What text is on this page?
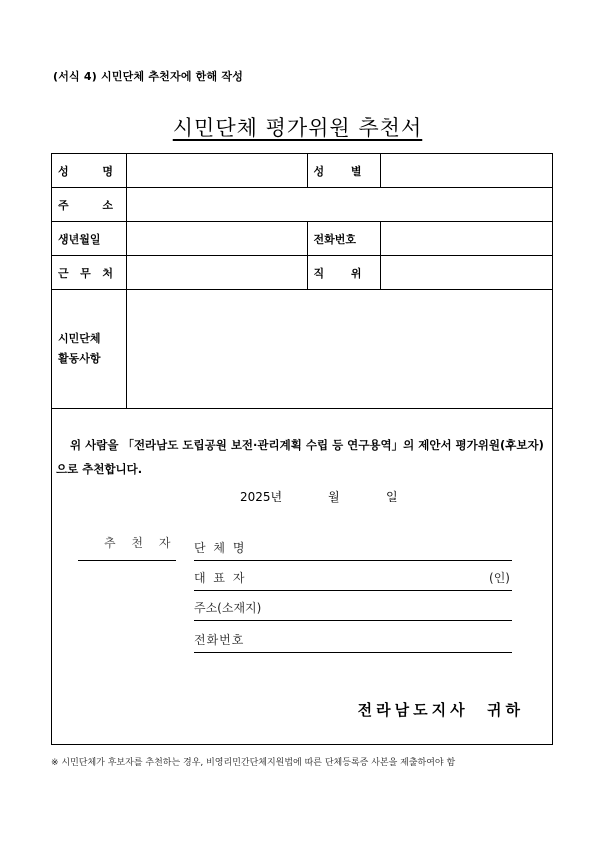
(서식 4) 시민단체 추천자에 한해 작성
시민단체 평가위원 추천서
성 명		성 별	

주 소			

생년월일		전화번호	

근 무 처		직 위	

시민단체
활동사항			

위 사람을 「전라남도 도립공원 보전·관리계획 수립 등 연구용역」의 제안서 평가위원(후보자)으로 추천합니다.
2025년	월	일
추 천 자 단 체 명
대 표 자	(인)
주소(소재지)
전화번호
전라남도지사  귀하
※ 시민단체가 후보자를 추천하는 경우, 비영리민간단체지원법에 따른 단체등록증 사본을 제출하여야 함
